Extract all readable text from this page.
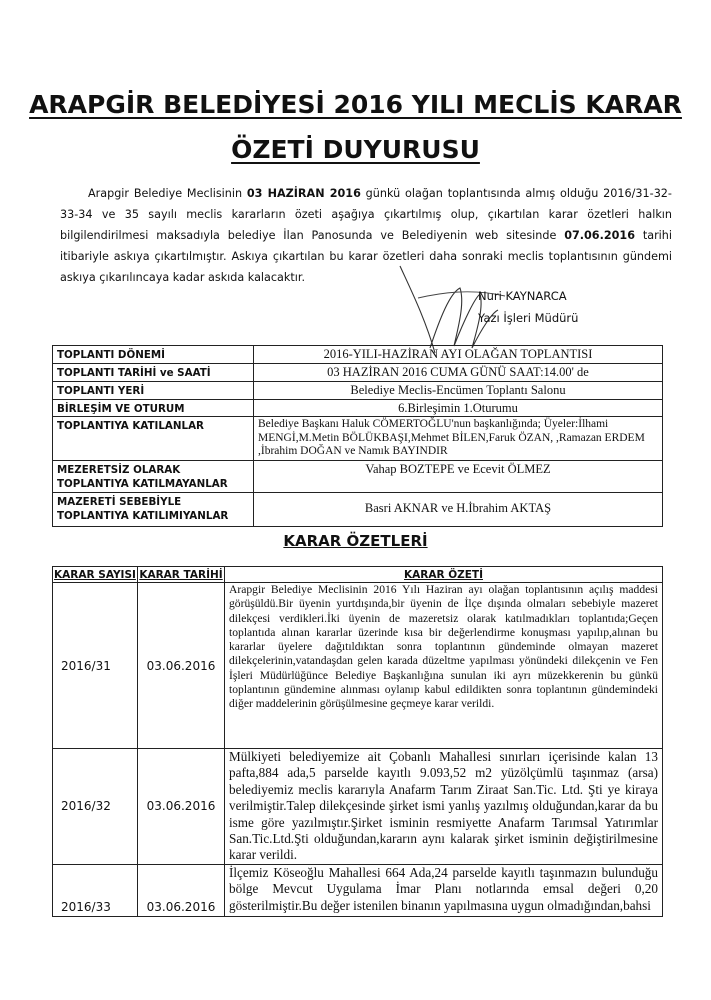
ARAPGİR BELEDİYESİ 2016 YILI MECLİS KARAR
ÖZETİ DUYURUSU
Arapgir Belediye Meclisinin 03 HAZİRAN 2016 günkü olağan toplantısında almış olduğu 2016/31-32-33-34 ve 35 sayılı meclis kararların özeti aşağıya çıkartılmış olup, çıkartılan karar özetleri halkın bilgilendirilmesi maksadıyla belediye İlan Panosunda ve Belediyenin web sitesinde 07.06.2016 tarihi itibariyle askıya çıkartılmıştır. Askıya çıkartılan bu karar özetleri daha sonraki meclis toplantısının gündemi askıya çıkarılıncaya kadar askıda kalacaktır.
Nuri KAYNARCA
Yazı İşleri Müdürü
TOPLANTI DÖNEMİ	2016-YILI-HAZİRAN AYI OLAĞAN TOPLANTISI
TOPLANTI TARİHİ ve SAATİ	03 HAZİRAN 2016 CUMA GÜNÜ SAAT:14.00' de
TOPLANTI YERİ	Belediye Meclis-Encümen Toplantı Salonu
BİRLEŞİM VE OTURUM	6.Birleşimin 1.Oturumu
TOPLANTIYA KATILANLAR	Belediye Başkanı Haluk CÖMERTOĞLU'nun başkanlığında; Üyeler:İlhami MENGİ,M.Metin BÖLÜKBAŞI,Mehmet BİLEN,Faruk ÖZAN, ,Ramazan ERDEM ,İbrahim DOĞAN ve Namık BAYINDIR
MEZERETSİZ OLARAK TOPLANTIYA KATILMAYANLAR	Vahap BOZTEPE ve Ecevit ÖLMEZ
MAZERETİ SEBEBİYLE TOPLANTIYA KATILIMIYANLAR	Basri AKNAR ve H.İbrahim AKTAŞ
KARAR ÖZETLERİ
KARAR SAYISI	KARAR TARİHİ	KARAR ÖZETİ
2016/31	03.06.2016	Arapgir Belediye Meclisinin 2016 Yılı Haziran ayı olağan toplantısının açılış maddesi görüşüldü.Bir üyenin yurtdışında,bir üyenin de İlçe dışında olmaları sebebiyle mazeret dilekçesi verdikleri.İki üyenin de mazeretsiz olarak katılmadıkları toplantıda;Geçen toplantıda alınan kararlar üzerinde kısa bir değerlendirme konuşması yapılıp,alınan bu kararlar üyelere dağıtıldıktan sonra toplantının gündeminde olmayan mazeret dilekçelerinin,vatandaşdan gelen karada düzeltme yapılması yönündeki dilekçenin ve Fen İşleri Müdürlüğünce Belediye Başkanlığına sunulan iki ayrı müzekkerenin bu günkü toplantının gündemine alınması oylanıp kabul edildikten sonra toplantının gündemindeki diğer maddelerinin görüşülmesine geçmeye karar verildi.
2016/32	03.06.2016	Mülkiyeti belediyemize ait Çobanlı Mahallesi sınırları içerisinde kalan 13 pafta,884 ada,5 parselde kayıtlı 9.093,52 m2 yüzölçümlü taşınmaz (arsa) belediyemiz meclis kararıyla Anafarm Tarım Ziraat San.Tic. Ltd. Şti ye kiraya verilmiştir.Talep dilekçesinde şirket ismi yanlış yazılmış olduğundan,karar da bu isme göre yazılmıştır.Şirket isminin resmiyette Anafarm Tarımsal Yatırımlar San.Tic.Ltd.Şti olduğundan,kararın aynı kalarak şirket isminin değiştirilmesine karar verildi.
2016/33	03.06.2016	İlçemiz Köseoğlu Mahallesi 664 Ada,24 parselde kayıtlı taşınmazın bulunduğu bölge Mevcut Uygulama İmar Planı notlarında emsal değeri 0,20 gösterilmiştir.Bu değer istenilen binanın yapılmasına uygun olmadığından,bahsi
